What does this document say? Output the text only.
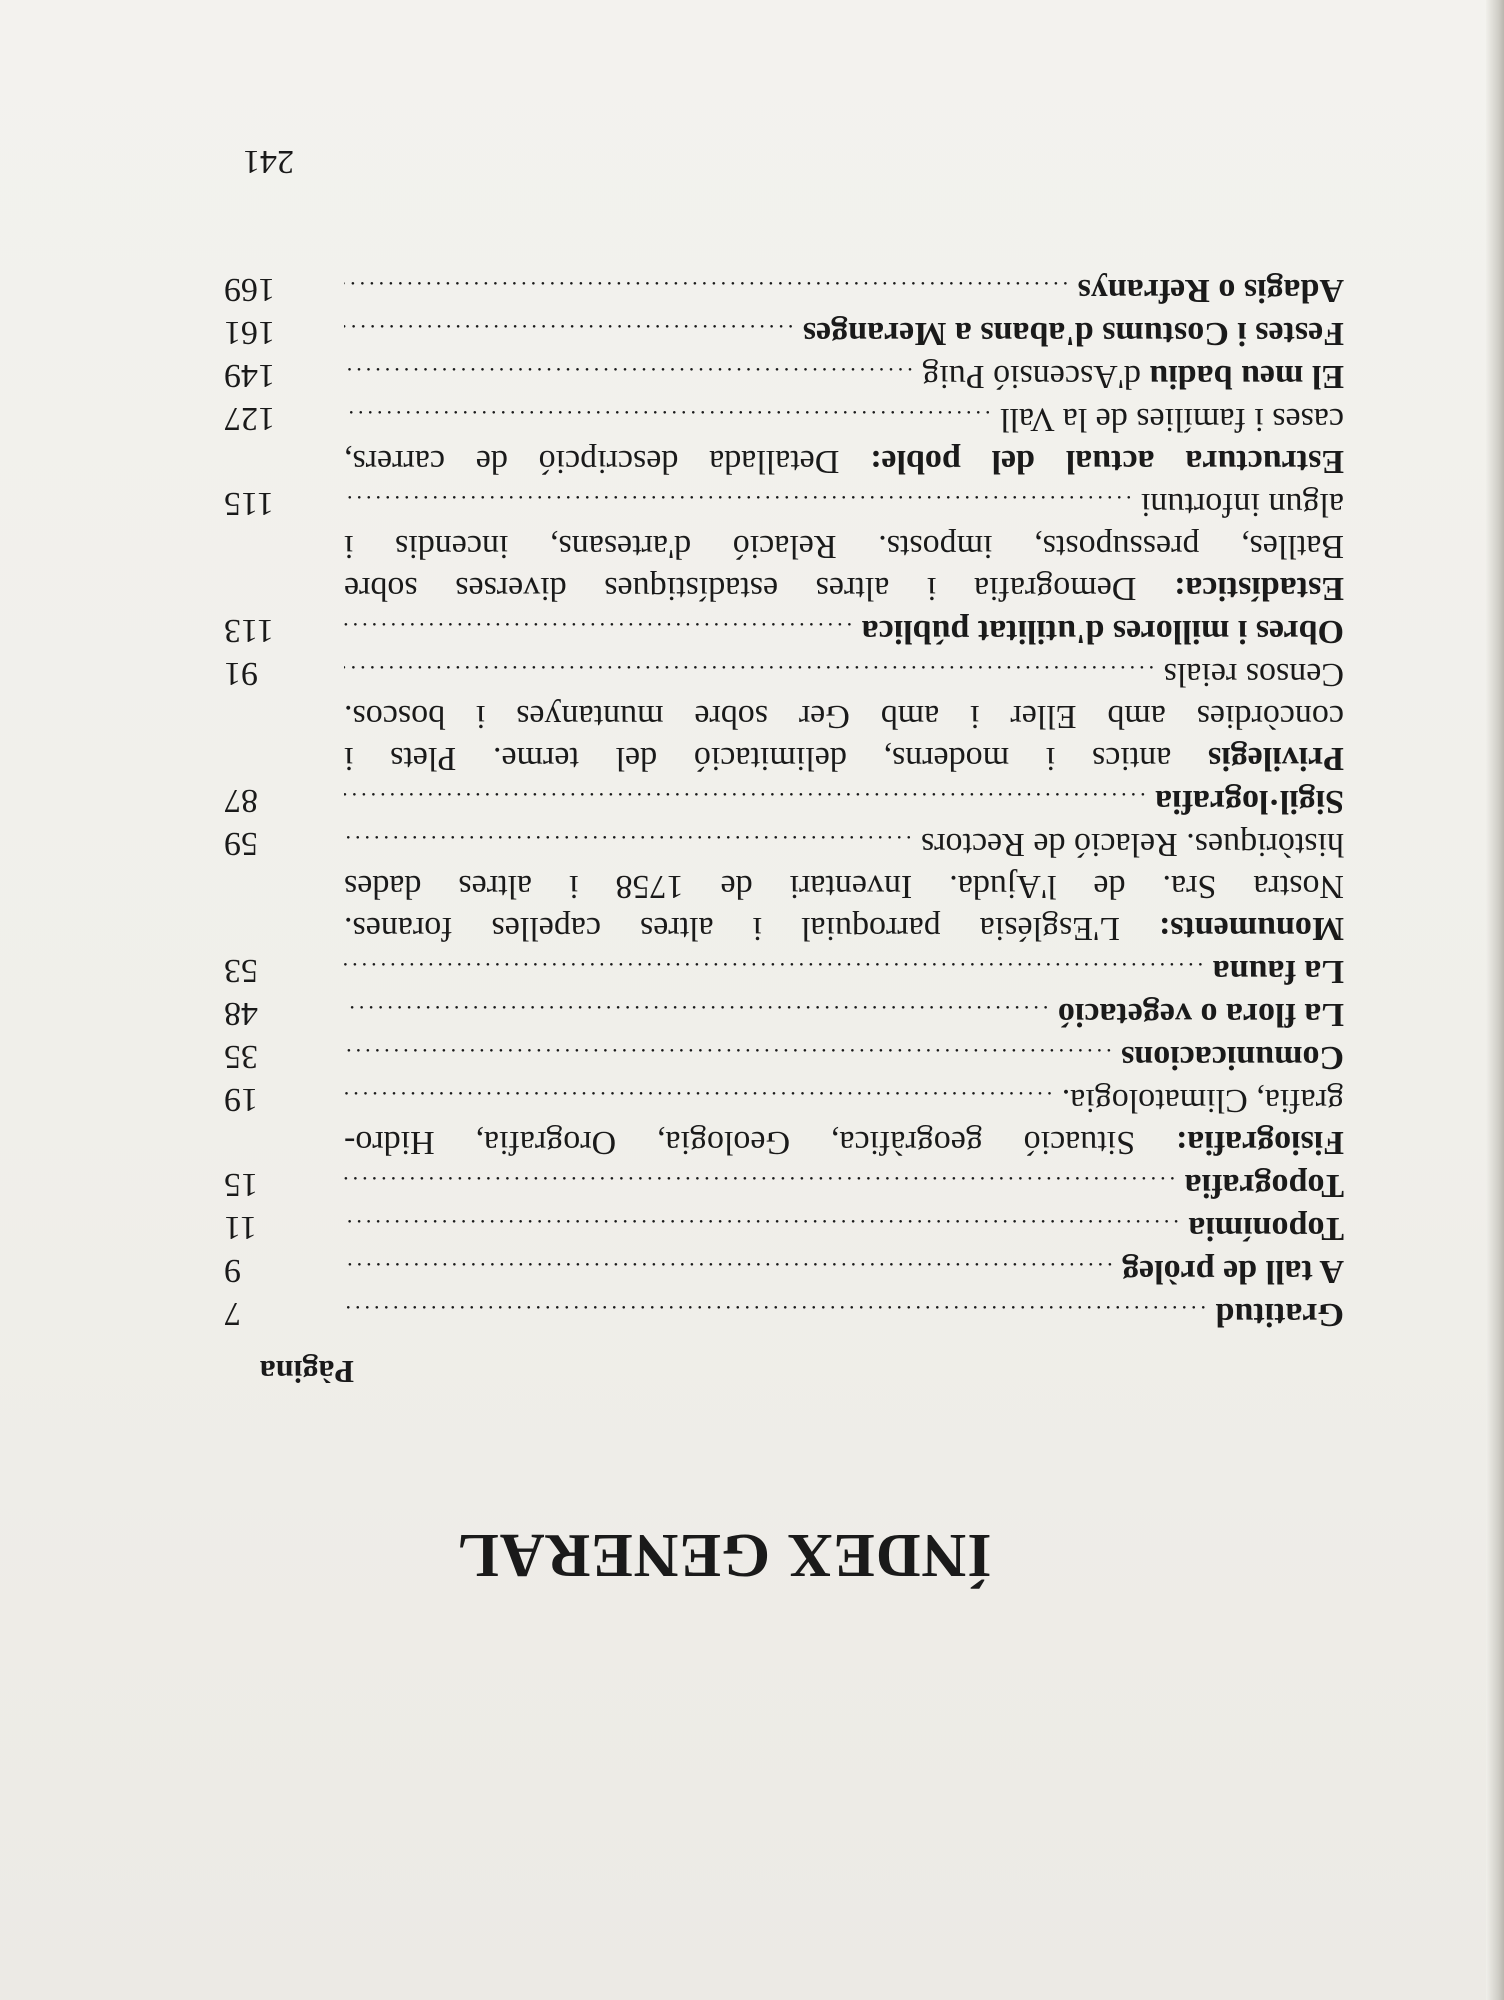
ÍNDEX GENERAL
Pàgina
Gratitud .....
7
A tall de pròleg .....
9
Toponímia .....
11
Topografia .....
15
Fisiografia: Situació geogràfica, Geologia, Orografia, Hidro-
grafia, Climatologia. .....
19
Comunicacions .....
35
La flora o vegetació .....
48
La fauna .....
53
Monuments: L'Església parroquial i altres capelles foranes.
Nostra Sra. de l'Ajuda. Inventari de 1758 i altres dades
històriques. Relació de Rectors .....
59
Sigil·lografia .....
87
Privilegis antics i moderns, delimitació del terme. Plets i
concòrdies amb Eller i amb Ger sobre muntanyes i boscos.
Censos reials .....
91
Obres i millores d'utilitat pública .....
113
Estadística: Demografia i altres estadístiques diverses sobre
Batlles, pressuposts, imposts. Relació d'artesans, incendis i
algun infortuni .....
115
Estructura actual del poble: Detallada descripció de carrers,
cases i famílies de la Vall .....
127
El meu badiu d'Ascensió Puig .....
149
Festes i Costums d'abans a Meranges .....
161
Adagis o Refranys .....
169
241
